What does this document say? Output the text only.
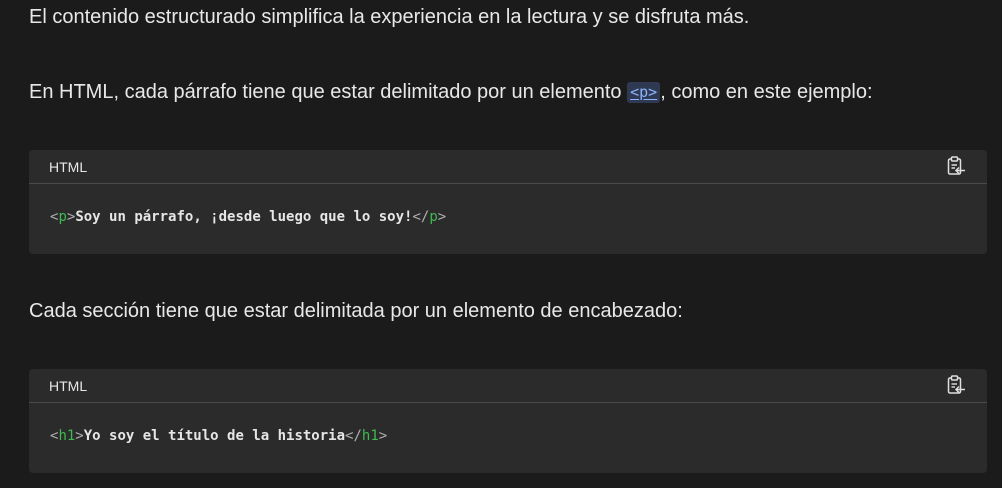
El contenido estructurado simplifica la experiencia en la lectura y se disfruta más.
En HTML, cada párrafo tiene que estar delimitado por un elemento <p> , como en este ejemplo:
HTML
<p>Soy un párrafo, ¡desde luego que lo soy!</p>
Cada sección tiene que estar delimitada por un elemento de encabezado:
HTML
<h1>Yo soy el título de la historia</h1>
